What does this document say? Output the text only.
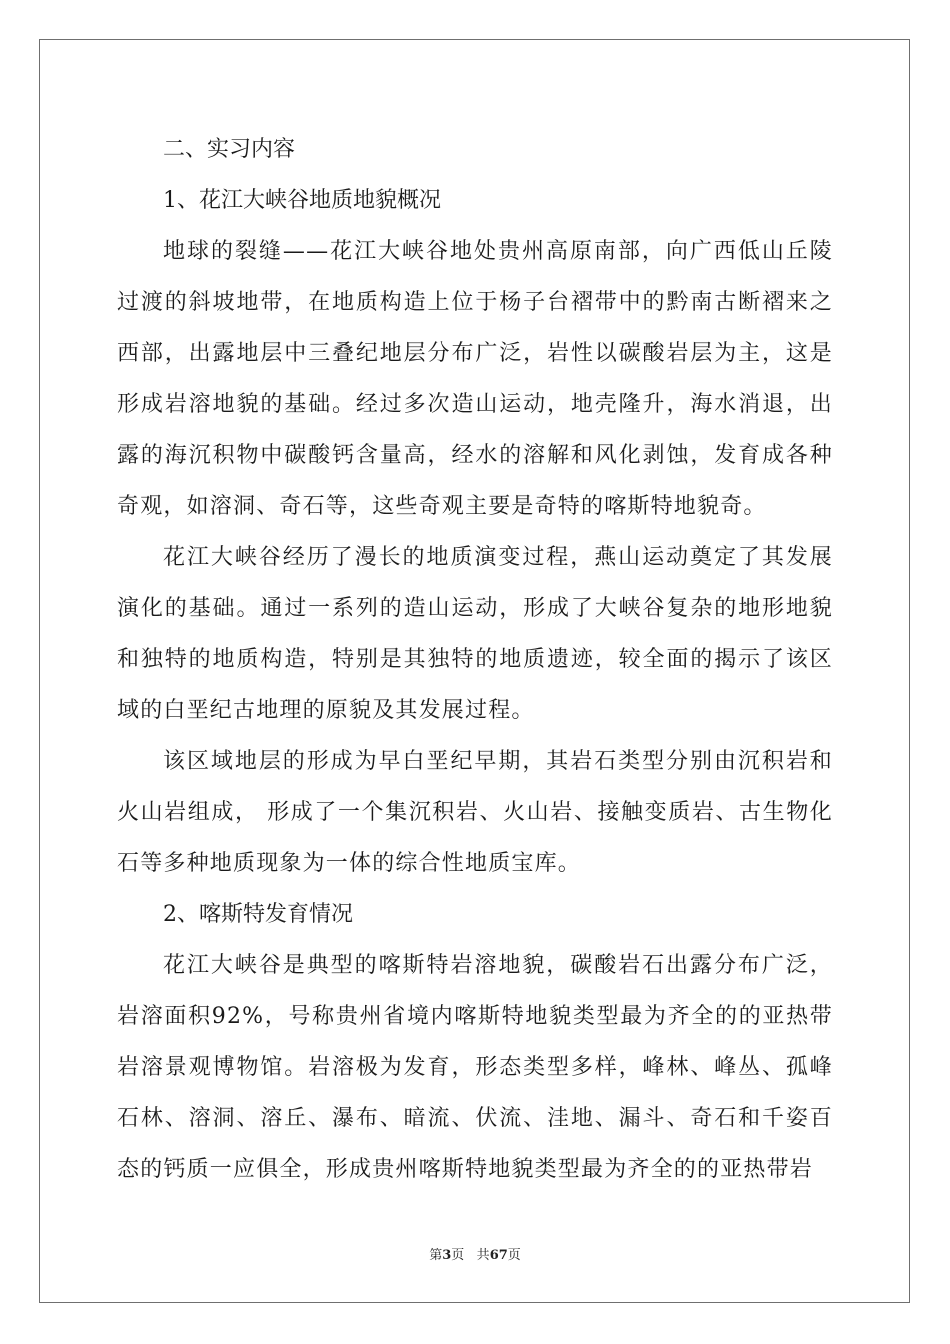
二、实习内容
1、花江大峡谷地质地貌概况

地球的裂缝——花江大峡谷地处贵州高原南部，向广西低山丘陵过渡的斜坡地带，在地质构造上位于杨子台褶带中的黔南古断褶来之西部，出露地层中三叠纪地层分布广泛，岩性以碳酸岩层为主，这是形成岩溶地貌的基础。经过多次造山运动，地壳隆升，海水消退，出露的海沉积物中碳酸钙含量高，经水的溶解和风化剥蚀，发育成各种奇观，如溶洞、奇石等，这些奇观主要是奇特的喀斯特地貌奇。

花江大峡谷经历了漫长的地质演变过程，燕山运动奠定了其发展演化的基础。通过一系列的造山运动，形成了大峡谷复杂的地形地貌和独特的地质构造，特别是其独特的地质遗迹，较全面的揭示了该区域的白垩纪古地理的原貌及其发展过程。

该区域地层的形成为早白垩纪早期，其岩石类型分别由沉积岩和火山岩组成， 形成了一个集沉积岩、火山岩、接触变质岩、古生物化石等多种地质现象为一体的综合性地质宝库。

2、喀斯特发育情况

花江大峡谷是典型的喀斯特岩溶地貌，碳酸岩石出露分布广泛，岩溶面积92%，号称贵州省境内喀斯特地貌类型最为齐全的的亚热带岩溶景观博物馆。岩溶极为发育，形态类型多样，峰林、峰丛、孤峰石林、溶洞、溶丘、瀑布、暗流、伏流、洼地、漏斗、奇石和千姿百态的钙质一应俱全，形成贵州喀斯特地貌类型最为齐全的的亚热带岩

第3页 共67页
